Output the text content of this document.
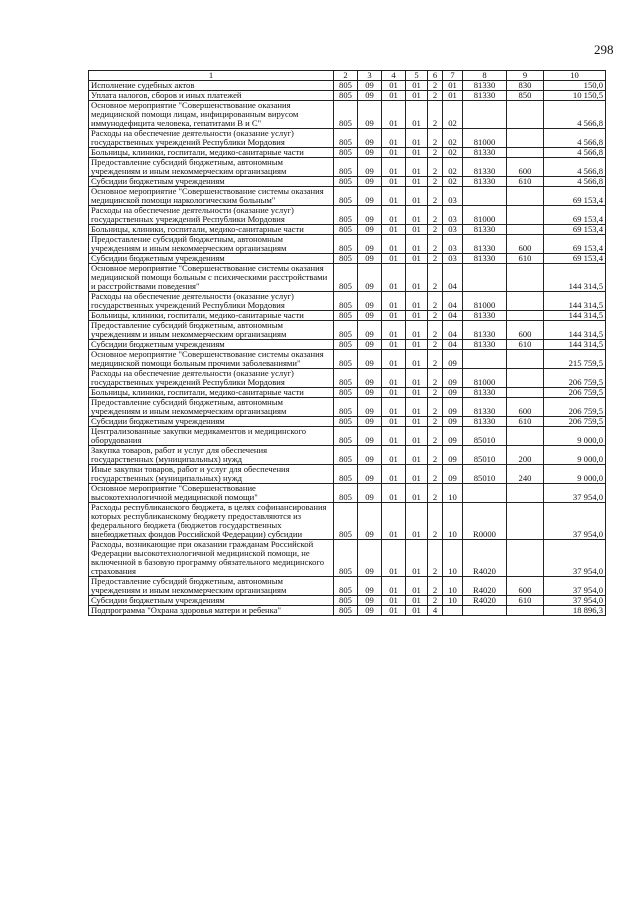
298
1	2	3	4	5	6	7	8	9	10
Исполнение судебных актов	805	09	01	01	2	01	81330	830	150,0
Уплата налогов, сборов и иных платежей	805	09	01	01	2	01	81330	850	10 150,5
Основное мероприятие "Совершенствование оказания медицинской помощи лицам, инфицированным вирусом иммунодефицита человека, гепатитами В и С"	805	09	01	01	2	02			4 566,8
Расходы на обеспечение деятельности (оказание услуг) государственных учреждений Республики Мордовия	805	09	01	01	2	02	81000		4 566,8
Больницы, клиники, госпитали, медико-санитарные части	805	09	01	01	2	02	81330		4 566,8
Предоставление субсидий бюджетным, автономным учреждениям и иным некоммерческим организациям	805	09	01	01	2	02	81330	600	4 566,8
Субсидии бюджетным учреждениям	805	09	01	01	2	02	81330	610	4 566,8
Основное мероприятие "Совершенствование системы оказания медицинской помощи наркологическим больным"	805	09	01	01	2	03			69 153,4
Расходы на обеспечение деятельности (оказание услуг) государственных учреждений Республики Мордовия	805	09	01	01	2	03	81000		69 153,4
Больницы, клиники, госпитали, медико-санитарные части	805	09	01	01	2	03	81330		69 153,4
Предоставление субсидий бюджетным, автономным учреждениям и иным некоммерческим организациям	805	09	01	01	2	03	81330	600	69 153,4
Субсидии бюджетным учреждениям	805	09	01	01	2	03	81330	610	69 153,4
Основное мероприятие "Совершенствование системы оказания медицинской помощи больным с психическими расстройствами и расстройствами поведения"	805	09	01	01	2	04			144 314,5
Расходы на обеспечение деятельности (оказание услуг) государственных учреждений Республики Мордовия	805	09	01	01	2	04	81000		144 314,5
Больницы, клиники, госпитали, медико-санитарные части	805	09	01	01	2	04	81330		144 314,5
Предоставление субсидий бюджетным, автономным учреждениям и иным некоммерческим организациям	805	09	01	01	2	04	81330	600	144 314,5
Субсидии бюджетным учреждениям	805	09	01	01	2	04	81330	610	144 314,5
Основное мероприятие "Совершенствование системы оказания медицинской помощи больным прочими заболеваниями"	805	09	01	01	2	09			215 759,5
Расходы на обеспечение деятельности (оказание услуг) государственных учреждений Республики Мордовия	805	09	01	01	2	09	81000		206 759,5
Больницы, клиники, госпитали, медико-санитарные части	805	09	01	01	2	09	81330		206 759,5
Предоставление субсидий бюджетным, автономным учреждениям и иным некоммерческим организациям	805	09	01	01	2	09	81330	600	206 759,5
Субсидии бюджетным учреждениям	805	09	01	01	2	09	81330	610	206 759,5
Централизованные закупки медикаментов и медицинского оборудования	805	09	01	01	2	09	85010		9 000,0
Закупка товаров, работ и услуг для обеспечения государственных (муниципальных) нужд	805	09	01	01	2	09	85010	200	9 000,0
Иные закупки товаров, работ и услуг для обеспечения государственных (муниципальных) нужд	805	09	01	01	2	09	85010	240	9 000,0
Основное мероприятие "Совершенствование высокотехнологичной медицинской помощи"	805	09	01	01	2	10			37 954,0
Расходы республиканского бюджета, в целях софинансирования которых республиканскому бюджету предоставляются из федерального бюджета (бюджетов государственных внебюджетных фондов Российской Федерации) субсидии	805	09	01	01	2	10	R0000		37 954,0
Расходы, возникающие при оказании гражданам Российской Федерации высокотехнологичной медицинской помощи, не включенной в базовую программу обязательного медицинского страхования	805	09	01	01	2	10	R4020		37 954,0
Предоставление субсидий бюджетным, автономным учреждениям и иным некоммерческим организациям	805	09	01	01	2	10	R4020	600	37 954,0
Субсидии бюджетным учреждениям	805	09	01	01	2	10	R4020	610	37 954,0
Подпрограмма "Охрана здоровья матери и ребенка"	805	09	01	01	4				18 896,3
